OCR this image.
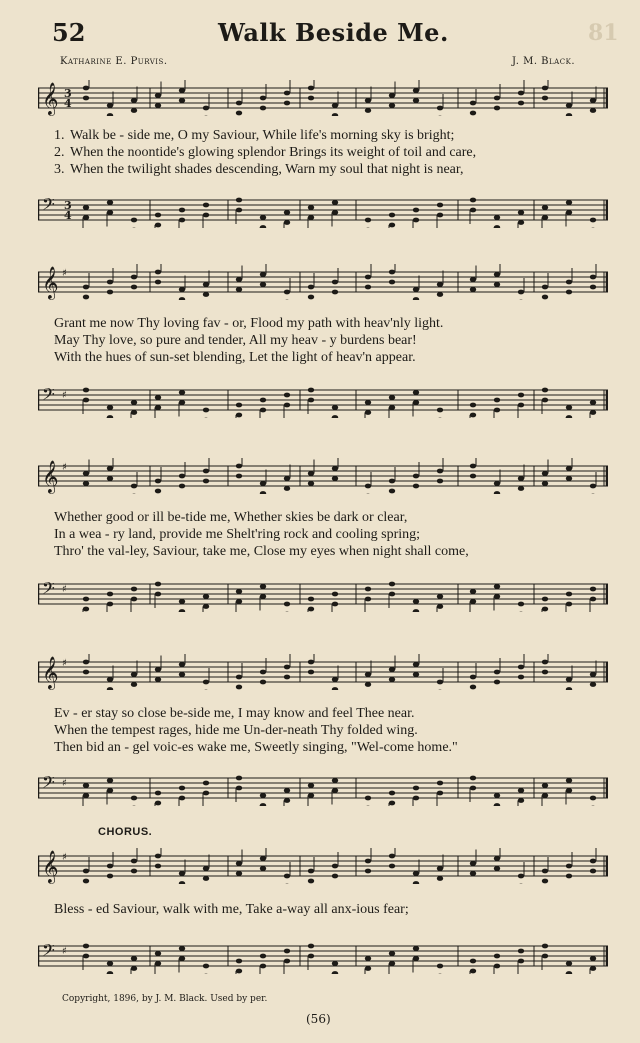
52	Walk Beside Me.	81
Katharine E. Purvis.	J. M. Black.
𝄞 3
4
1. Walk be - side me, O my Saviour, While life's morning sky is bright;
2. When the noontide's glowing splendor Brings its weight of toil and care,
3. When the twilight shades descending, Warn my soul that night is near,
𝄢 3
4
𝄞 ♯
Grant me now Thy loving fav - or, Flood my path with heav'nly light.
May Thy love, so pure and tender, All my heav - y burdens bear!
With the hues of sun-set blending, Let the light of heav'n appear.
𝄢 ♯
𝄞 ♯
Whether good or ill be-tide me, Whether skies be dark or clear,
In a wea - ry land, provide me Shelt'ring rock and cooling spring;
Thro' the val-ley, Saviour, take me, Close my eyes when night shall come,
𝄢 ♯
𝄞 ♯
Ev - er stay so close be-side me, I may know and feel Thee near.
When the tempest rages, hide me Un-der-neath Thy folded wing.
Then bid an - gel voic-es wake me, Sweetly singing, "Wel-come home."
𝄢 ♯
CHORUS.
𝄞 ♯
Bless - ed Saviour, walk with me, Take a-way all anx-ious fear;
𝄢 ♯
Copyright, 1896, by J. M. Black. Used by per.
(56)
